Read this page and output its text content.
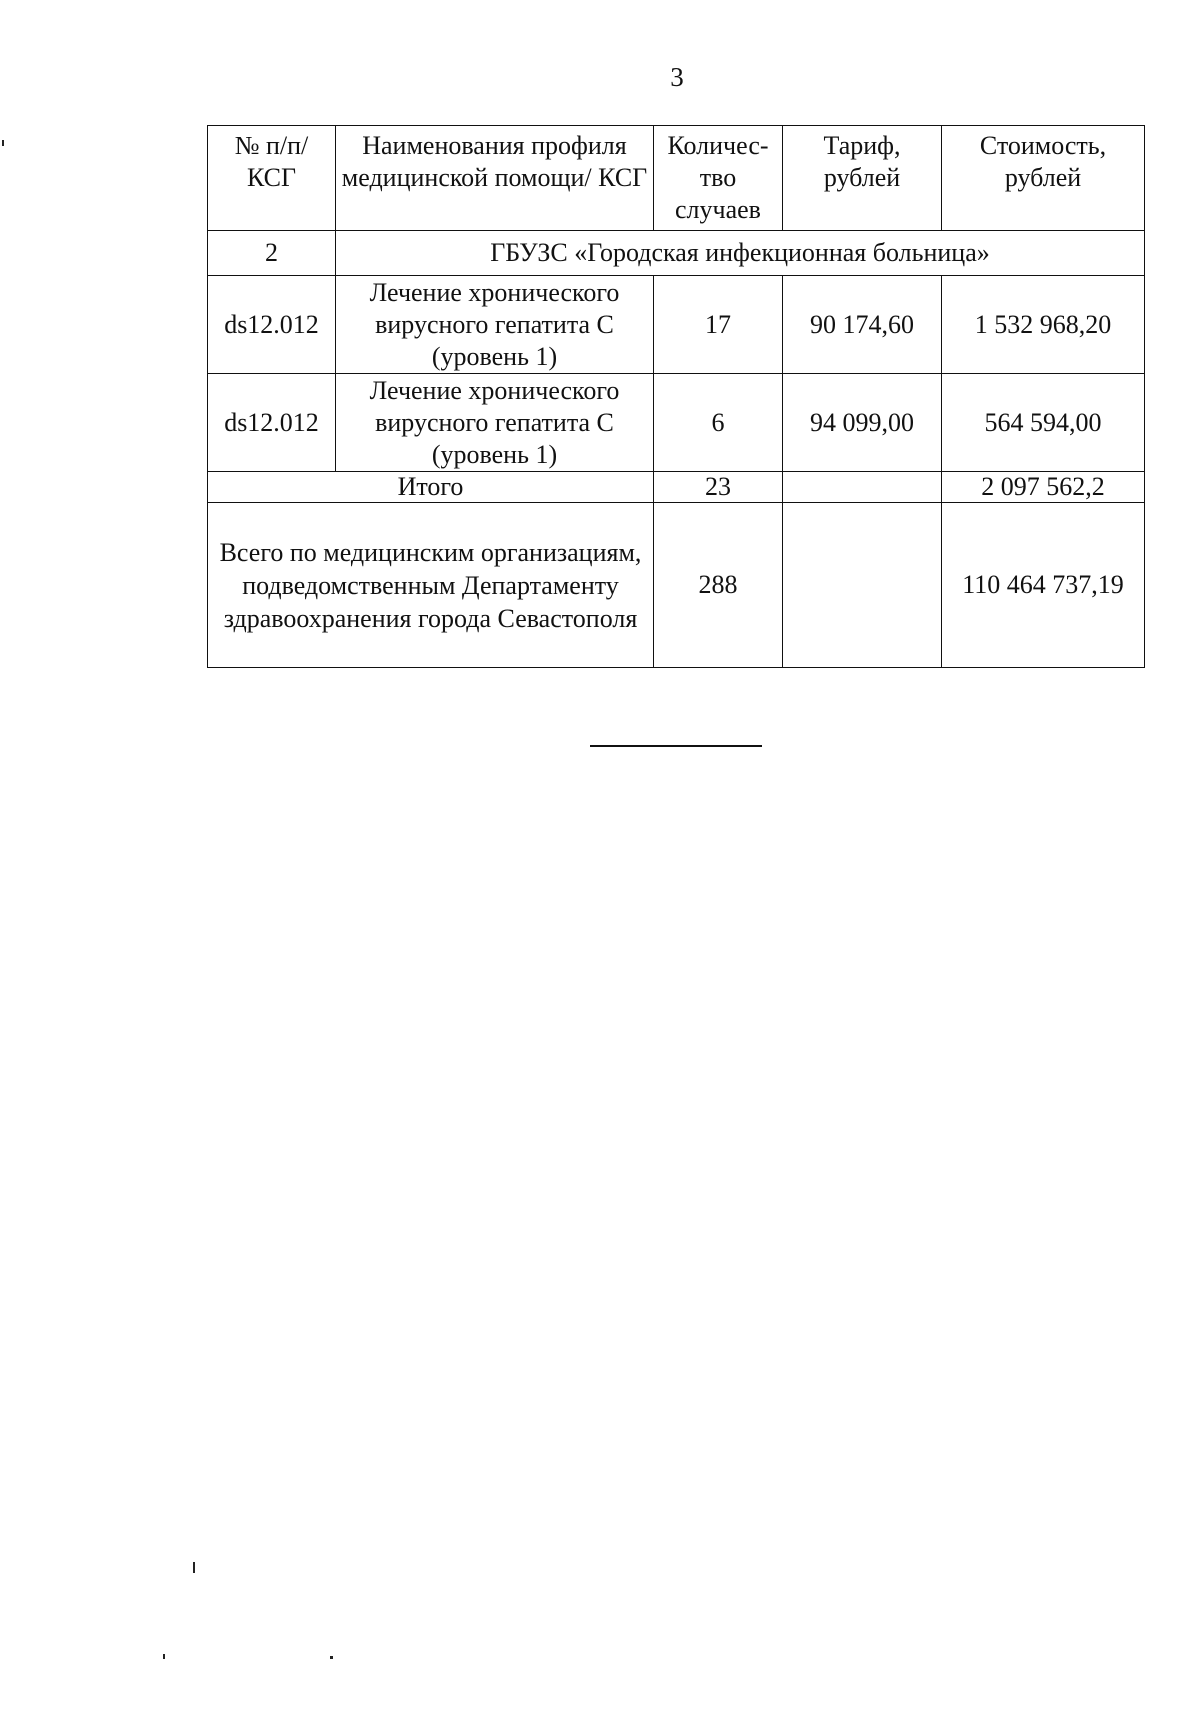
3
№ п/п/ КСГ	Наименования профиля медицинской помощи/ КСГ	Количес-тво случаев	Тариф, рублей	Стоимость, рублей
2	ГБУЗС «Городская инфекционная больница»			
ds12.012	Лечение хронического вирусного гепатита С (уровень 1)	17	90 174,60	1 532 968,20
ds12.012	Лечение хронического вирусного гепатита С (уровень 1)	6	94 099,00	564 594,00
Итого		23		2 097 562,2
Всего по медицинским организациям, подведомственным Департаменту здравоохранения города Севастополя		288		110 464 737,19
